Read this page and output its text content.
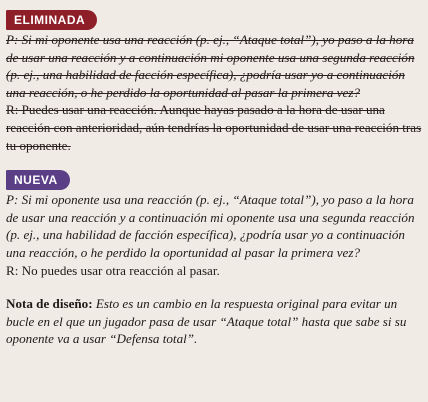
ELIMINADA

P: Si mi oponente usa una reacción (p. ej., “Ataque total”), yo paso a la hora de usar una reacción y a continuación mi oponente usa una segunda reacción (p. ej., una habilidad de facción específica), ¿podría usar yo a continuación una reacción, o he perdido la oportunidad al pasar la primera vez?

R: Puedes usar una reacción. Aunque hayas pasado a la hora de usar una reacción con anterioridad, aún tendrías la oportunidad de usar una reacción tras tu oponente.

NUEVA

P: Si mi oponente usa una reacción (p. ej., “Ataque total”), yo paso a la hora de usar una reacción y a continuación mi oponente usa una segunda reacción (p. ej., una habilidad de facción específica), ¿podría usar yo a continuación una reacción, o he perdido la oportunidad al pasar la primera vez?

R: No puedes usar otra reacción al pasar.

Nota de diseño: Esto es un cambio en la respuesta original para evitar un bucle en el que un jugador pasa de usar “Ataque total” hasta que sabe si su oponente va a usar “Defensa total”.
